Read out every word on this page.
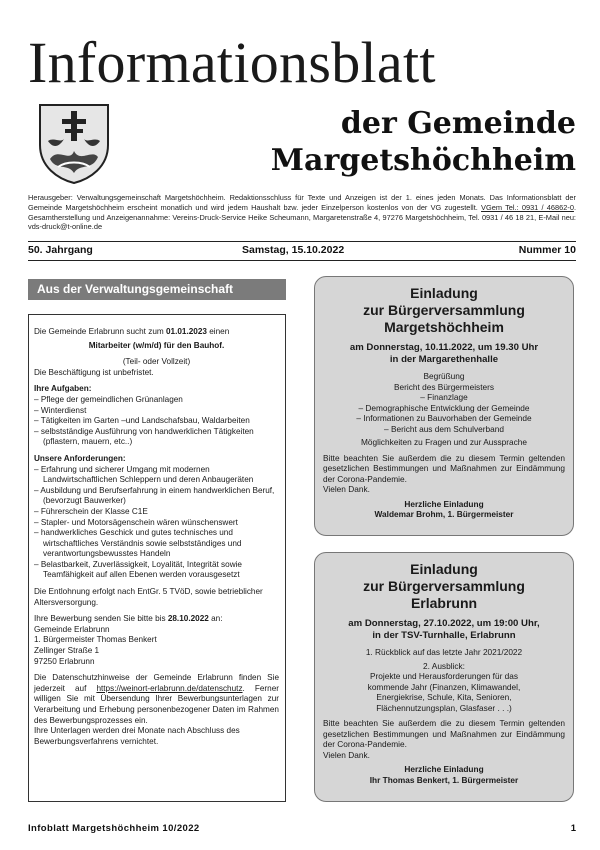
Informationsblatt
der Gemeinde
Margetshöchheim
Herausgeber: Verwaltungsgemeinschaft Margetshöchheim. Redaktionsschluss für Texte und Anzeigen ist der 1. eines jeden Monats. Das Informationsblatt der Gemeinde Margetshöchheim erscheint monatlich und wird jedem Haushalt bzw. jeder Einzelperson kostenlos von der VG zugestellt. VGem Tel.: 0931 / 46862-0. Gesamtherstellung und Anzeigenannahme: Vereins-Druck-Service Heike Scheumann, Margaretenstraße 4, 97276 Margetshöchheim, Tel. 0931 / 46 18 21, E-Mail neu: vds-druck@t-online.de
50. Jahrgang	Samstag, 15.10.2022	Nummer 10
Aus der Verwaltungsgemeinschaft

Die Gemeinde Erlabrunn sucht zum 01.01.2023 einen

Mitarbeiter (w/m/d) für den Bauhof.

(Teil- oder Vollzeit)

Die Beschäftigung ist unbefristet.

Ihre Aufgaben:

– Pflege der gemeindlichen Grünanlagen
– Winterdienst
– Tätigkeiten im Garten –und Landschafsbau, Waldarbeiten
– selbstständige Ausführung von handwerklichen Tätigkeiten (pflastern, mauern, etc..)

Unsere Anforderungen:

– Erfahrung und sicherer Umgang mit modernen Landwirtschaftlichen Schleppern und deren Anbaugeräten
– Ausbildung und Berufserfahrung in einem handwerklichen Beruf, (bevorzugt Bauwerker)
– Führerschein der Klasse C1E
– Stapler- und Motorsägenschein wären wünschenswert
– handwerkliches Geschick und gutes technisches und wirtschaftliches Verständnis sowie selbstständiges und verantwortungsbewusstes Handeln
– Belastbarkeit, Zuverlässigkeit, Loyalität, Integrität sowie Teamfähigkeit auf allen Ebenen werden vorausgesetzt

Die Entlohnung erfolgt nach EntGr. 5 TVöD, sowie betrieblicher Altersversorgung.

Ihre Bewerbung senden Sie bitte bis 28.10.2022 an:

Gemeinde Erlabrunn

1. Bürgermeister Thomas Benkert

Zellinger Straße 1

97250 Erlabrunn

Die Datenschutzhinweise der Gemeinde Erlabrunn finden Sie jederzeit auf https://weinort-erlabrunn.de/datenschutz. Ferner willigen Sie mit Übersendung Ihrer Bewerbungsunterlagen zur Verarbeitung und Erhebung personenbezogener Daten im Rahmen des Bewerbungsprozesses ein.

Ihre Unterlagen werden drei Monate nach Abschluss des Bewerbungsverfahrens vernichtet.

Einladung
zur Bürgerversammlung
Margetshöchheim
am Donnerstag, 10.11.2022, um 19.30 Uhr
in der Margarethenhalle
Begrüßung
Bericht des Bürgermeisters
– Finanzlage
– Demographische Entwicklung der Gemeinde
– Informationen zu Bauvorhaben der Gemeinde
– Bericht aus dem Schulverband
Möglichkeiten zu Fragen und zur Aussprache
Bitte beachten Sie außerdem die zu diesem Termin geltenden gesetzlichen Bestimmungen und Maßnahmen zur Eindämmung der Corona-Pandemie.
Vielen Dank.
Herzliche Einladung
Waldemar Brohm, 1. Bürgermeister
Einladung
zur Bürgerversammlung
Erlabrunn
am Donnerstag, 27.10.2022, um 19:00 Uhr,
in der TSV-Turnhalle, Erlabrunn
1. Rückblick auf das letzte Jahr 2021/2022
2. Ausblick:
Projekte und Herausforderungen für das
kommende Jahr (Finanzen, Klimawandel,
Energiekrise, Schule, Kita, Senioren,
Flächennutzungsplan, Glasfaser . . .)
Bitte beachten Sie außerdem die zu diesem Termin geltenden gesetzlichen Bestimmungen und Maßnahmen zur Eindämmung der Corona-Pandemie.
Vielen Dank.
Herzliche Einladung
Ihr Thomas Benkert, 1. Bürgermeister
Infoblatt Margetshöchheim 10/2022	1
